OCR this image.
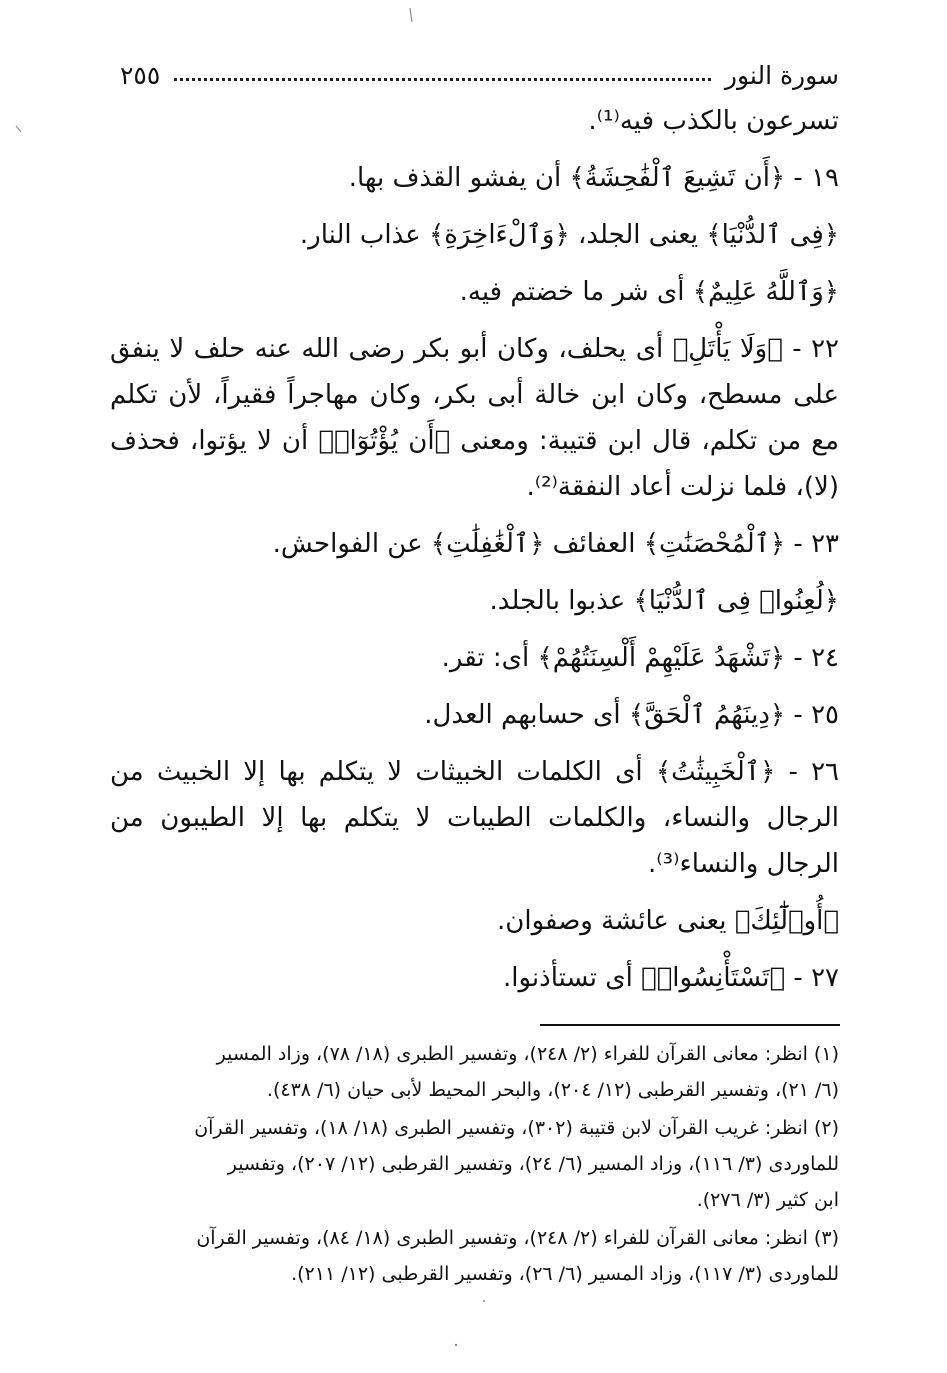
سورة النور
٢٥٥

تسرعون بالكذب فيه⁽¹⁾.

١٩ - ﴿أَن تَشِيعَ ٱلْفَٰحِشَةُ﴾ أن يفشو القذف بها.

﴿فِى ٱلدُّنْيَا﴾ يعنى الجلد، ﴿وَٱلْءَاخِرَةِ﴾ عذاب النار.

﴿وَٱللَّهُ عَلِيمٌ﴾ أى شر ما خضتم فيه.

٢٢ - ﴿وَلَا يَأْتَلِ﴾ أى يحلف، وكان أبو بكر رضى الله عنه حلف لا ينفق على مسطح، وكان ابن خالة أبى بكر، وكان مهاجراً فقيراً، لأن تكلم مع من تكلم، قال ابن قتيبة: ومعنى ﴿أَن يُؤْتُوٓا۟﴾ أن لا يؤتوا، فحذف (لا)، فلما نزلت أعاد النفقة⁽²⁾.

٢٣ - ﴿ٱلْمُحْصَنَٰتِ﴾ العفائف ﴿ٱلْغَٰفِلَٰتِ﴾ عن الفواحش.

﴿لُعِنُوا۟ فِى ٱلدُّنْيَا﴾ عذبوا بالجلد.

٢٤ - ﴿تَشْهَدُ عَلَيْهِمْ أَلْسِنَتُهُمْ﴾ أى: تقر.

٢٥ - ﴿دِينَهُمُ ٱلْحَقَّ﴾ أى حسابهم العدل.

٢٦ - ﴿ٱلْخَبِيثَٰتُ﴾ أى الكلمات الخبيثات لا يتكلم بها إلا الخبيث من الرجال والنساء، والكلمات الطيبات لا يتكلم بها إلا الطيبون من الرجال والنساء⁽³⁾.

﴿أُو۟لَٰٓئِكَ﴾ يعنى عائشة وصفوان.

٢٧ - ﴿تَسْتَأْنِسُوا۟﴾ أى تستأذنوا.

(١) انظر: معانى القرآن للفراء (٢/ ٢٤٨)، وتفسير الطبرى (١٨/ ٧٨)، وزاد المسير
(٦/ ٢١)، وتفسير القرطبى (١٢/ ٢٠٤)، والبحر المحيط لأبى حيان (٦/ ٤٣٨).
(٢) انظر: غريب القرآن لابن قتيبة (٣٠٢)، وتفسير الطبرى (١٨/ ١٨)، وتفسير القرآن
للماوردى (٣/ ١١٦)، وزاد المسير (٦/ ٢٤)، وتفسير القرطبى (١٢/ ٢٠٧)، وتفسير
ابن كثير (٣/ ٢٧٦).
(٣) انظر: معانى القرآن للفراء (٢/ ٢٤٨)، وتفسير الطبرى (١٨/ ٨٤)، وتفسير القرآن
للماوردى (٣/ ١١٧)، وزاد المسير (٦/ ٢٦)، وتفسير القرطبى (١٢/ ٢١١).
